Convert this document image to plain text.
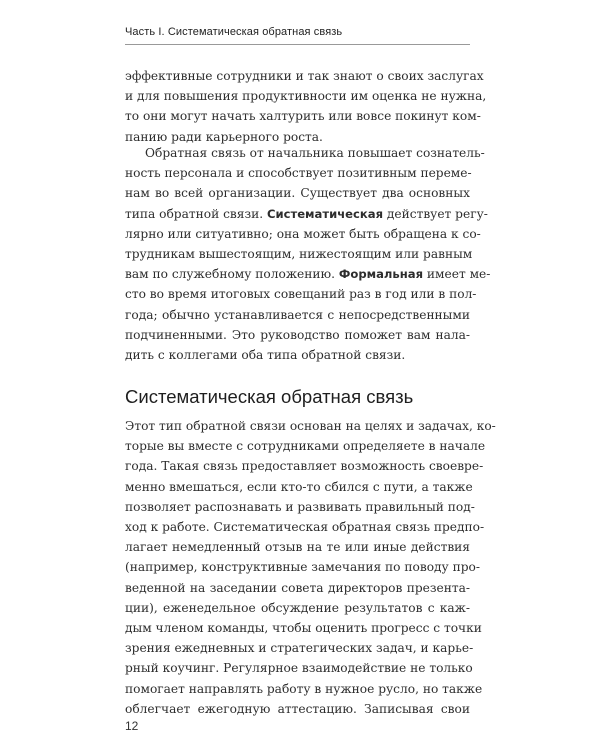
Часть I. Систематическая обратная связь
эффективные сотрудники и так знают о своих заслугах
и для повышения продуктивности им оценка не нужна,
то они могут начать халтурить или вовсе покинут ком-
панию ради карьерного роста.
Обратная связь от начальника повышает сознатель-
ность персонала и способствует позитивным переме-
нам во всей организации. Существует два основных
типа обратной связи. Систематическая действует регу-
лярно или ситуативно; она может быть обращена к со-
трудникам вышестоящим, нижестоящим или равным
вам по служебному положению. Формальная имеет ме-
сто во время итоговых совещаний раз в год или в пол-
года; обычно устанавливается с непосредственными
подчиненными. Это руководство поможет вам нала-
дить с коллегами оба типа обратной связи.
Систематическая обратная связь
Этот тип обратной связи основан на целях и задачах, ко-
торые вы вместе с сотрудниками определяете в начале
года. Такая связь предоставляет возможность своевре-
менно вмешаться, если кто-то сбился с пути, а также
позволяет распознавать и развивать правильный под-
ход к работе. Систематическая обратная связь предпо-
лагает немедленный отзыв на те или иные действия
(например, конструктивные замечания по поводу про-
веденной на заседании совета директоров презента-
ции), еженедельное обсуждение результатов с каж-
дым членом команды, чтобы оценить прогресс с точки
зрения ежедневных и стратегических задач, и карье-
рный коучинг. Регулярное взаимодействие не только
помогает направлять работу в нужное русло, но также
облегчает ежегодную аттестацию. Записывая свои
12
